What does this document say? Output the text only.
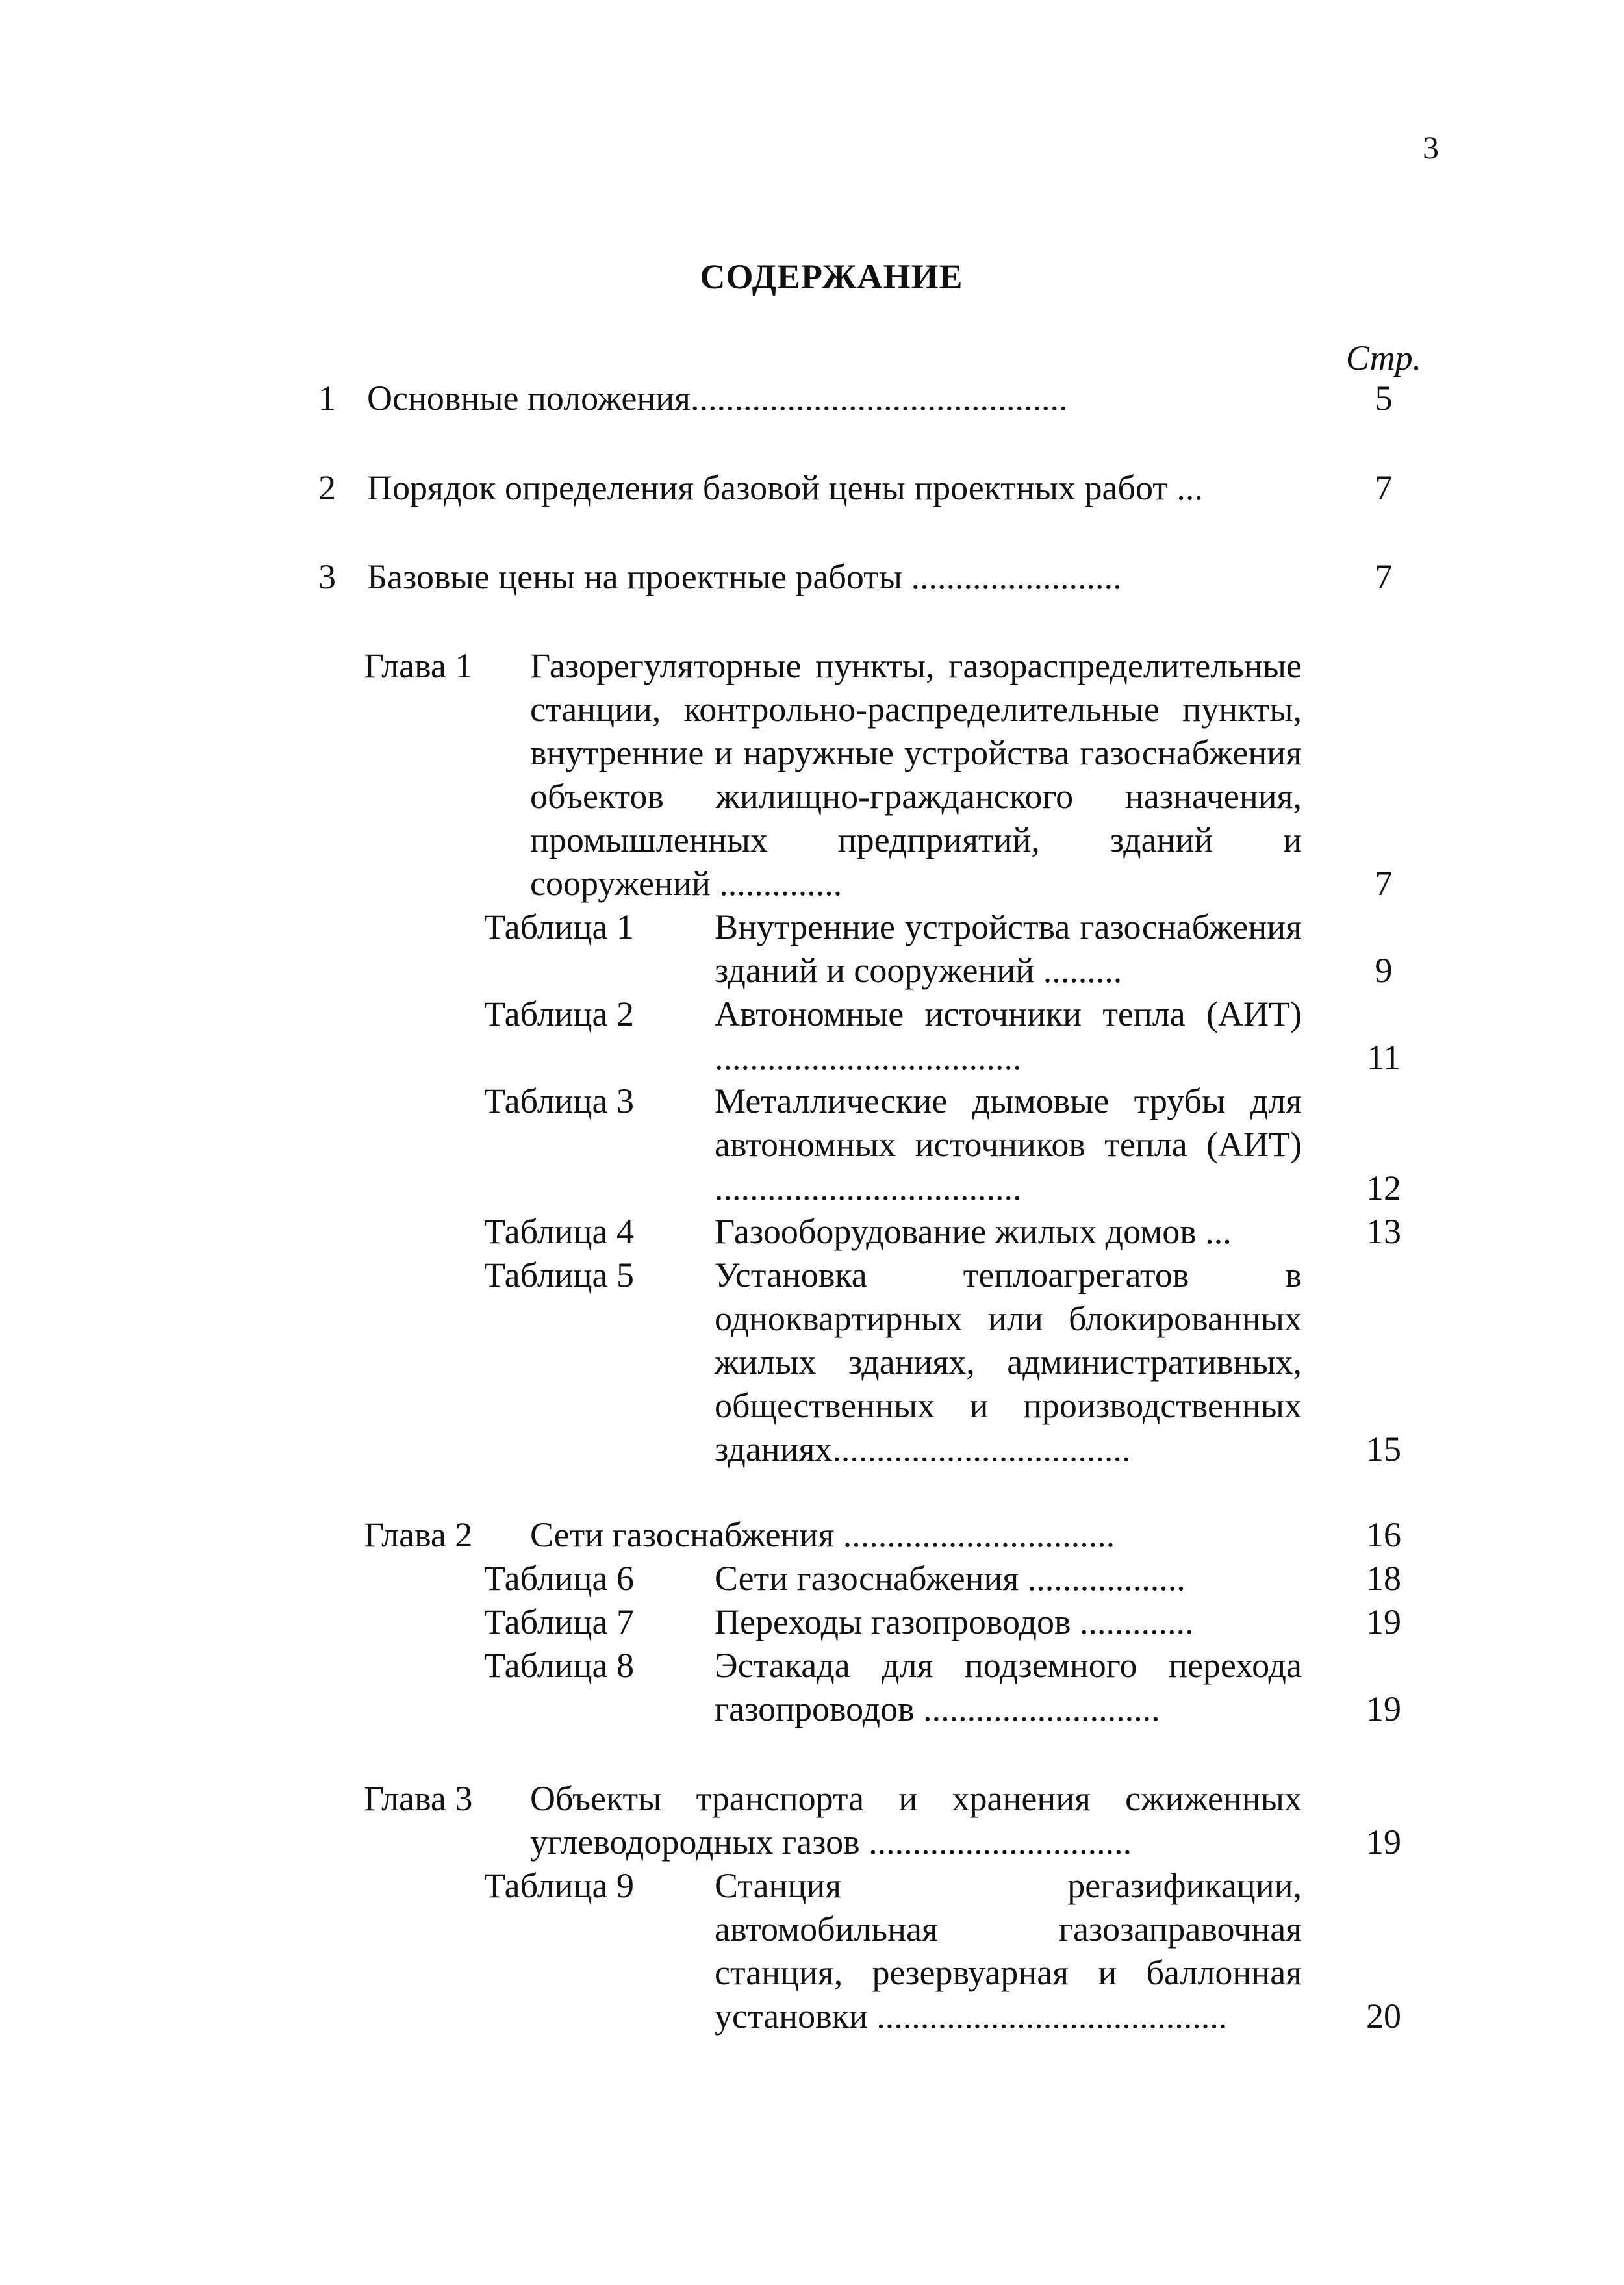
3
СОДЕРЖАНИЕ
Стр.
1 Основные положения...........................................	5
2 Порядок определения базовой цены проектных работ ...	7
3 Базовые цены на проектные работы ........................	7
Глава 1 Газорегуляторные пункты, газораспределительные станции, контрольно-распределительные пункты, внутренние и наружные устройства газоснабжения объектов жилищно-гражданского назначения, промышленных предприятий, зданий и сооружений ..............	7
Таблица 1 Внутренние устройства газоснабжения зданий и сооружений .........	9
Таблица 2 Автономные источники тепла (АИТ) ...................................	11
Таблица 3 Металлические дымовые трубы для автономных источников тепла (АИТ) ...................................	12
Таблица 4 Газооборудование жилых домов ...	13
Таблица 5 Установка теплоагрегатов в одноквартирных или блокированных жилых зданиях, административных, общественных и производственных зданиях..................................	15
Глава 2 Сети газоснабжения ...............................	16
Таблица 6 Сети газоснабжения ..................	18
Таблица 7 Переходы газопроводов .............	19
Таблица 8 Эстакада для подземного перехода газопроводов ...........................	19
Глава 3 Объекты транспорта и хранения сжиженных углеводородных газов ..............................	19
Таблица 9 Станция регазификации, автомобильная газозаправочная станция, резервуарная и баллонная установки ........................................	20
